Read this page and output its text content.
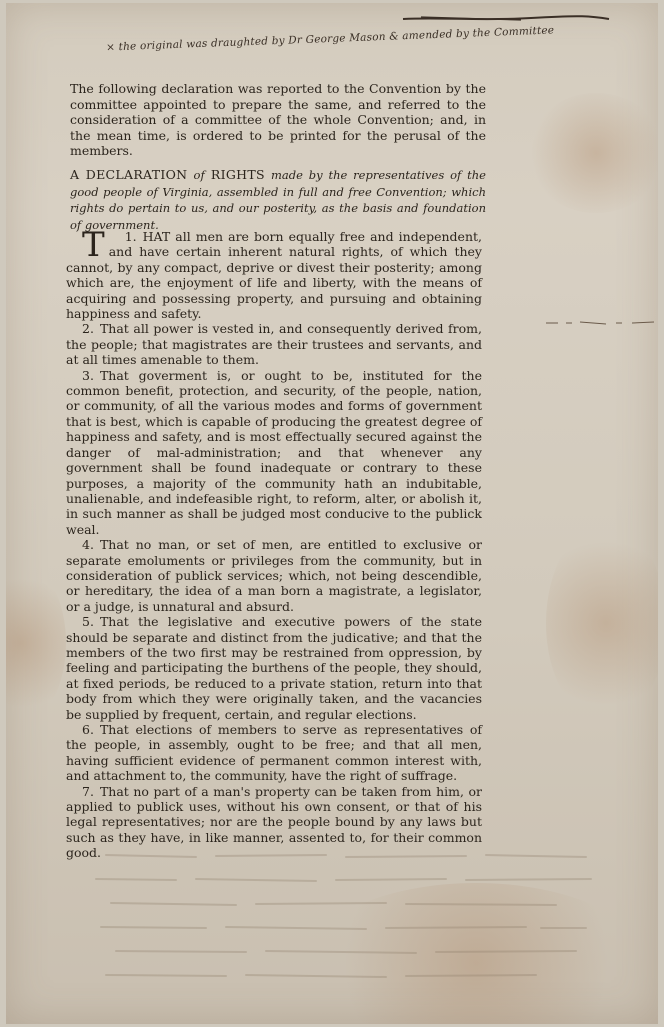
× the original was draughted by Dr George Mason & amended by the Committee
The following declaration was reported to the Convention by the committee appointed to prepare the same, and referred to the consideration of a committee of the whole Convention; and, in the mean time, is ordered to be printed for the perusal of the members.
A DECLARATION of RIGHTS made by the representatives of the good people of Virginia, assembled in full and free Convention; which rights do pertain to us, and our posterity, as the basis and foundation of government.

1.
T	HAT all men are born equally free and independent, and have certain inherent natural rights, of which they cannot, by any compact, deprive or divest their posterity; among which are, the enjoyment of life and liberty, with the means of acquiring and possessing property, and pursuing and obtaining happiness and safety.

2. That all power is vested in, and consequently derived from, the people; that magistrates are their trustees and servants, and at all times amenable to them.

3. That goverment is, or ought to be, instituted for the common benefit, protection, and security, of the people, nation, or community, of all the various modes and forms of government that is best, which is capable of producing the greatest degree of happiness and safety, and is most effectually secured against the danger of mal-administration; and that whenever any government shall be found inadequate or contrary to these purposes, a majority of the community hath an indubitable, unalienable, and indefeasible right, to reform, alter, or abolish it, in such manner as shall be judged most conducive to the publick weal.

4. That no man, or set of men, are entitled to exclusive or separate emoluments or privileges from the community, but in consideration of publick services; which, not being descendible, or hereditary, the idea of a man born a magistrate, a legislator, or a judge, is unnatural and absurd.

5. That the legislative and executive powers of the state should be separate and distinct from the judicative; and that the members of the two first may be restrained from oppression, by feeling and participating the burthens of the people, they should, at fixed periods, be reduced to a private station, return into that body from which they were originally taken, and the vacancies be supplied by frequent, certain, and regular elections.

6. That elections of members to serve as representatives of the people, in assembly, ought to be free; and that all men, having sufficient evidence of permanent common interest with, and attachment to, the community, have the right of suffrage.

7. That no part of a man's property can be taken from him, or applied to publick uses, without his own consent, or that of his legal representatives; nor are the people bound by any laws but such as they have, in like manner, assented to, for their common good.
